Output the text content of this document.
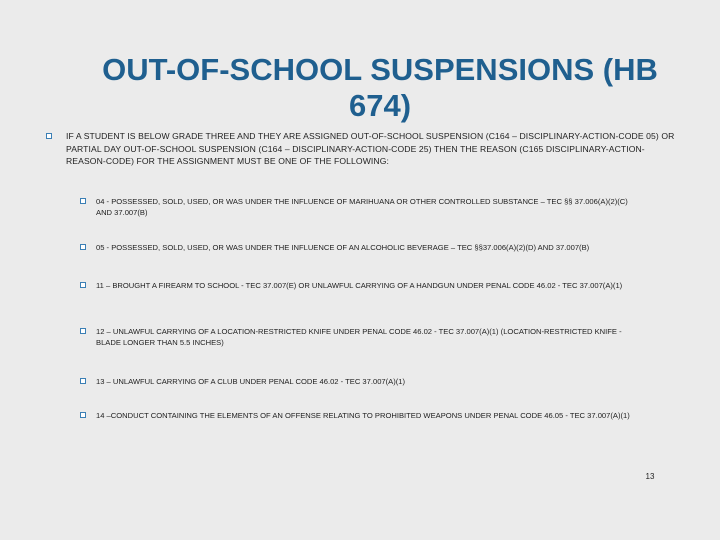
OUT-OF-SCHOOL SUSPENSIONS (HB 674)
IF A STUDENT IS BELOW GRADE THREE AND THEY ARE ASSIGNED OUT-OF-SCHOOL SUSPENSION (C164 – DISCIPLINARY-ACTION-CODE 05) OR PARTIAL DAY OUT-OF-SCHOOL SUSPENSION (C164 – DISCIPLINARY-ACTION-CODE 25) THEN THE REASON (C165 DISCIPLINARY-ACTION-REASON-CODE) FOR THE ASSIGNMENT MUST BE ONE OF THE FOLLOWING:
04 - POSSESSED, SOLD, USED, OR WAS UNDER THE INFLUENCE OF MARIHUANA OR OTHER CONTROLLED SUBSTANCE – TEC §§ 37.006(A)(2)(C) AND 37.007(B)
05 - POSSESSED, SOLD, USED, OR WAS UNDER THE INFLUENCE OF AN ALCOHOLIC BEVERAGE – TEC §§37.006(A)(2)(D) AND 37.007(B)
11 – BROUGHT A FIREARM TO SCHOOL - TEC 37.007(E) OR UNLAWFUL CARRYING OF A HANDGUN UNDER PENAL CODE 46.02 - TEC 37.007(A)(1)
12 – UNLAWFUL CARRYING OF A LOCATION-RESTRICTED KNIFE UNDER PENAL CODE 46.02 - TEC 37.007(A)(1) (LOCATION-RESTRICTED KNIFE - BLADE LONGER THAN 5.5 INCHES)
13 – UNLAWFUL CARRYING OF A CLUB UNDER PENAL CODE 46.02 - TEC 37.007(A)(1)
14 –CONDUCT CONTAINING THE ELEMENTS OF AN OFFENSE RELATING TO PROHIBITED WEAPONS UNDER PENAL CODE 46.05 - TEC 37.007(A)(1)
13
